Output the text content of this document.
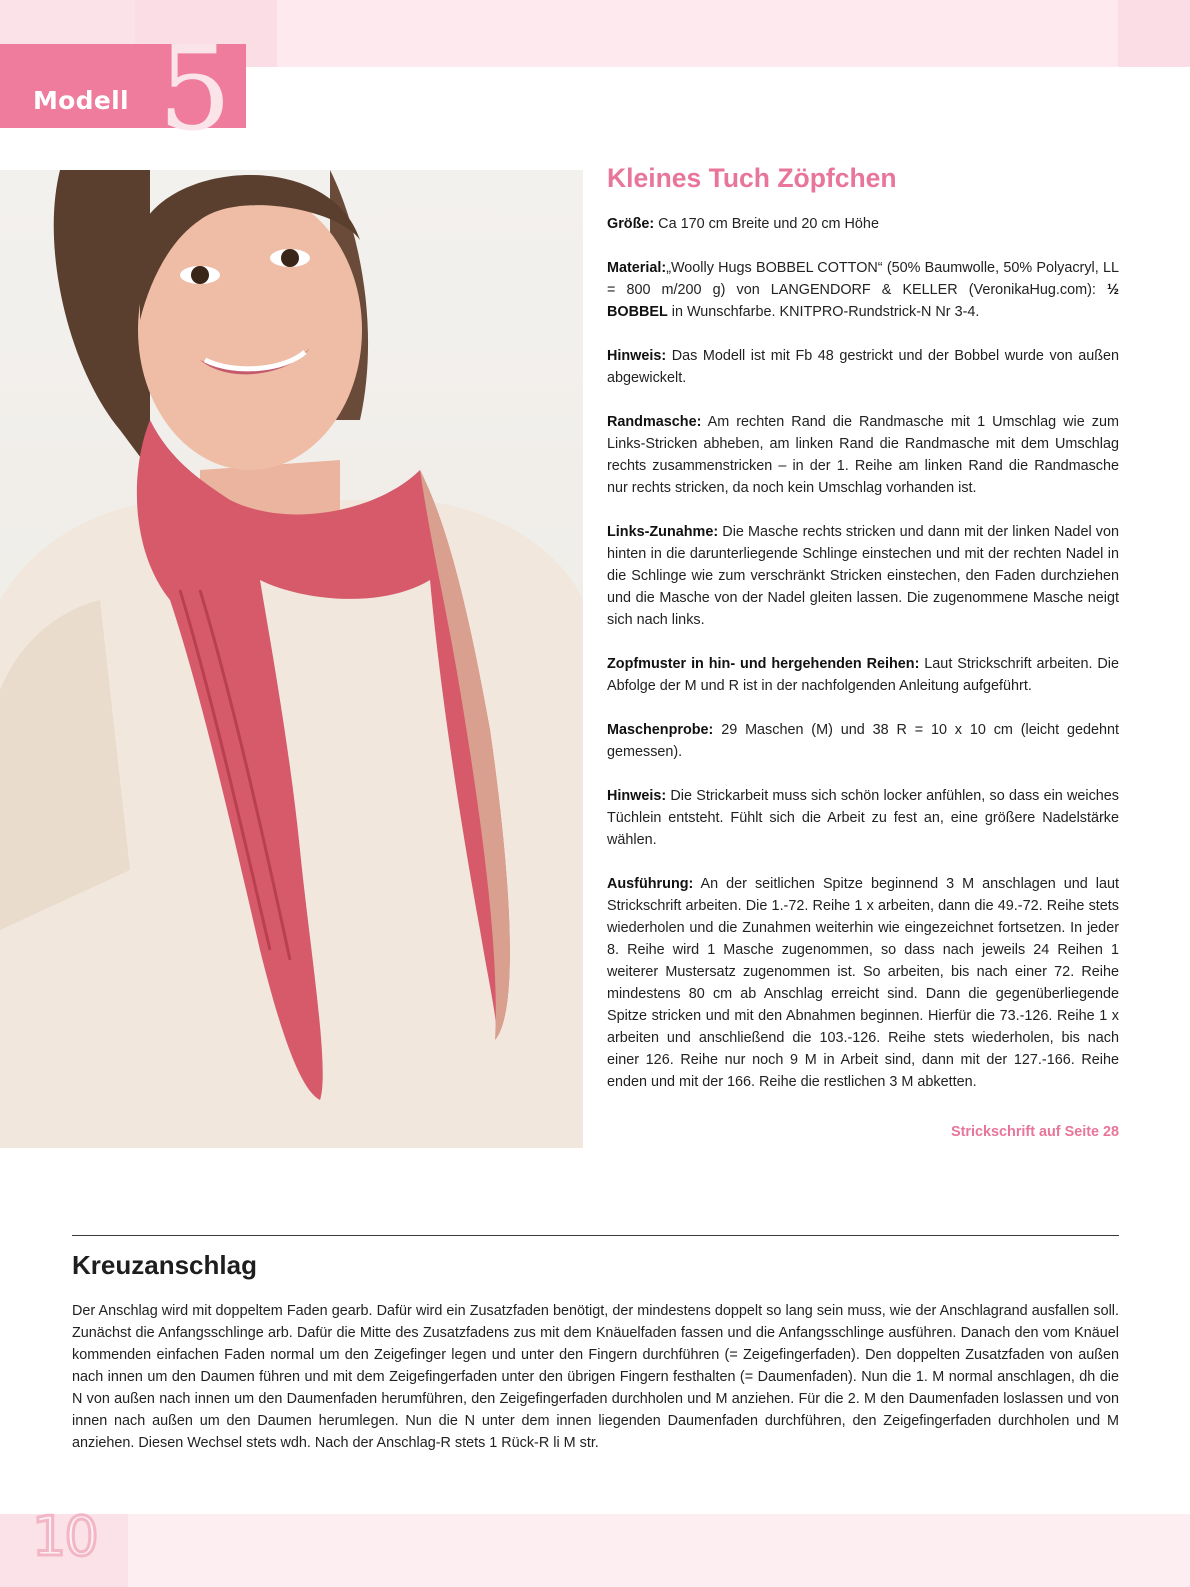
Modell 5
Kleines Tuch Zöpfchen

Größe: Ca 170 cm Breite und 20 cm Höhe

Material:„Woolly Hugs BOBBEL COTTON“ (50% Baumwolle, 50% Polyacryl, LL = 800 m/200 g) von LANGENDORF & KELLER (VeronikaHug.com): ½ BOBBEL in Wunschfarbe. KNITPRO-Rundstrick-N Nr 3-4.

Hinweis: Das Modell ist mit Fb 48 gestrickt und der Bobbel wurde von außen abgewickelt.

Randmasche: Am rechten Rand die Randmasche mit 1 Umschlag wie zum Links-Stricken abheben, am linken Rand die Randmasche mit dem Umschlag rechts zusammenstricken – in der 1. Reihe am linken Rand die Randmasche nur rechts stricken, da noch kein Umschlag vorhanden ist.

Links-Zunahme: Die Masche rechts stricken und dann mit der linken Nadel von hinten in die darunterliegende Schlinge einstechen und mit der rechten Nadel in die Schlinge wie zum verschränkt Stricken einstechen, den Faden durchziehen und die Masche von der Nadel gleiten lassen. Die zugenommene Masche neigt sich nach links.

Zopfmuster in hin- und hergehenden Reihen: Laut Strickschrift arbeiten. Die Abfolge der M und R ist in der nachfolgenden Anleitung aufgeführt.

Maschenprobe: 29 Maschen (M) und 38 R = 10 x 10 cm (leicht gedehnt gemessen).

Hinweis: Die Strickarbeit muss sich schön locker anfühlen, so dass ein weiches Tüchlein entsteht. Fühlt sich die Arbeit zu fest an, eine größere Nadelstärke wählen.

Ausführung: An der seitlichen Spitze beginnend 3 M anschlagen und laut Strickschrift arbeiten. Die 1.-72. Reihe 1 x arbeiten, dann die 49.-72. Reihe stets wiederholen und die Zunahmen weiterhin wie eingezeichnet fortsetzen. In jeder 8. Reihe wird 1 Masche zugenommen, so dass nach jeweils 24 Reihen 1 weiterer Mustersatz zugenommen ist. So arbeiten, bis nach einer 72. Reihe mindestens 80 cm ab Anschlag erreicht sind. Dann die gegenüberliegende Spitze stricken und mit den Abnahmen beginnen. Hierfür die 73.-126. Reihe 1 x arbeiten und anschließend die 103.-126. Reihe stets wiederholen, bis nach einer 126. Reihe nur noch 9 M in Arbeit sind, dann mit der 127.-166. Reihe enden und mit der 166. Reihe die restlichen 3 M abketten.

Strickschrift auf Seite 28
Kreuzanschlag

Der Anschlag wird mit doppeltem Faden gearb. Dafür wird ein Zusatzfaden benötigt, der mindestens doppelt so lang sein muss, wie der Anschlagrand ausfallen soll. Zunächst die Anfangsschlinge arb. Dafür die Mitte des Zusatzfadens zus mit dem Knäuelfaden fassen und die Anfangsschlinge ausführen. Danach den vom Knäuel kommenden einfachen Faden normal um den Zeigefinger legen und unter den Fingern durchführen (= Zeigefingerfaden). Den doppelten Zusatzfaden von außen nach innen um den Daumen führen und mit dem Zeigefingerfaden unter den übrigen Fingern festhalten (= Daumenfaden). Nun die 1. M normal anschlagen, dh die N von außen nach innen um den Daumenfaden herumführen, den Zeigefingerfaden durchholen und M anziehen. Für die 2. M den Daumenfaden loslassen und von innen nach außen um den Daumen herumlegen. Nun die N unter dem innen liegenden Daumenfaden durchführen, den Zeigefingerfaden durchholen und M anziehen. Diesen Wechsel stets wdh. Nach der Anschlag-R stets 1 Rück-R li M str.

10
